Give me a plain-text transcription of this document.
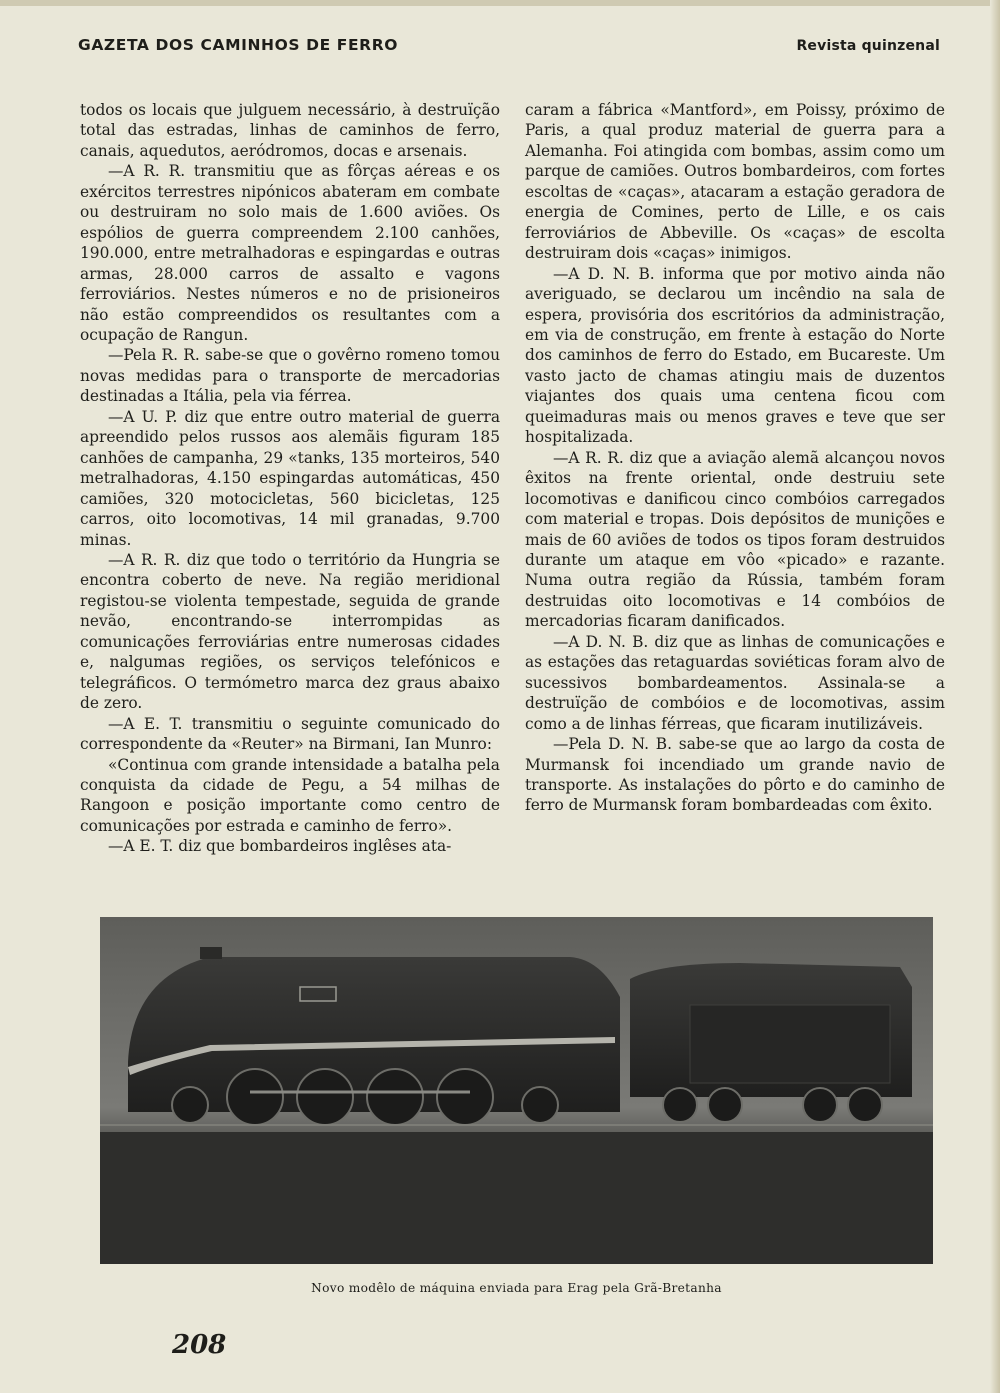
GAZETA DOS CAMINHOS DE FERRO	Revista quinzenal

todos os locais que julguem necessário, à destruïção total das estradas, linhas de caminhos de ferro, canais, aquedutos, aeródromos, docas e arsenais.

—A R. R. transmitiu que as fôrças aéreas e os exércitos terrestres nipónicos abateram em combate ou destruiram no solo mais de 1.600 aviões. Os espólios de guerra compreendem 2.100 canhões, 190.000, entre metralhadoras e espingardas e outras armas, 28.000 carros de assalto e vagons ferroviários. Nestes números e no de prisioneiros não estão compreendidos os resultantes com a ocupação de Rangun.

—Pela R. R. sabe-se que o govêrno romeno tomou novas medidas para o transporte de mercadorias destinadas a Itália, pela via férrea.

—A U. P. diz que entre outro material de guerra apreendido pelos russos aos alemãis figuram 185 canhões de campanha, 29 «tanks, 135 morteiros, 540 metralhadoras, 4.150 espingardas automáticas, 450 camiões, 320 motocicletas, 560 bicicletas, 125 carros, oito locomotivas, 14 mil granadas, 9.700 minas.

—A R. R. diz que todo o território da Hungria se encontra coberto de neve. Na região meridional registou-se violenta tempestade, seguida de grande nevão, encontrando-se interrompidas as comunicações ferroviárias entre numerosas cidades e, nalgumas regiões, os serviços telefónicos e telegráficos. O termómetro marca dez graus abaixo de zero.

—A E. T. transmitiu o seguinte comunicado do correspondente da «Reuter» na Birmani, Ian Munro:

«Continua com grande intensidade a batalha pela conquista da cidade de Pegu, a 54 milhas de Rangoon e posição importante como centro de comunicações por estrada e caminho de ferro».

—A E. T. diz que bombardeiros inglêses ata-

caram a fábrica «Mantford», em Poissy, próximo de Paris, a qual produz material de guerra para a Alemanha. Foi atingida com bombas, assim como um parque de camiões. Outros bombardeiros, com fortes escoltas de «caças», atacaram a estação geradora de energia de Comines, perto de Lille, e os cais ferroviários de Abbeville. Os «caças» de escolta destruiram dois «caças» inimigos.

—A D. N. B. informa que por motivo ainda não averiguado, se declarou um incêndio na sala de espera, provisória dos escritórios da administração, em via de construção, em frente à estação do Norte dos caminhos de ferro do Estado, em Bucareste. Um vasto jacto de chamas atingiu mais de duzentos viajantes dos quais uma centena ficou com queimaduras mais ou menos graves e teve que ser hospitalizada.

—A R. R. diz que a aviação alemã alcançou novos êxitos na frente oriental, onde destruiu sete locomotivas e danificou cinco combóios carregados com material e tropas. Dois depósitos de munições e mais de 60 aviões de todos os tipos foram destruidos durante um ataque em vôo «picado» e razante. Numa outra região da Rússia, também foram destruidas oito locomotivas e 14 combóios de mercadorias ficaram danificados.

—A D. N. B. diz que as linhas de comunicações e as estações das retaguardas soviéticas foram alvo de sucessivos bombardeamentos. Assinala-se a destruïção de combóios e de locomotivas, assim como a de linhas férreas, que ficaram inutilizáveis.

—Pela D. N. B. sabe-se que ao largo da costa de Murmansk foi incendiado um grande navio de transporte. As instalações do pôrto e do caminho de ferro de Murmansk foram bombardeadas com êxito.

Novo modêlo de máquina enviada para Erag pela Grã-Bretanha
208
